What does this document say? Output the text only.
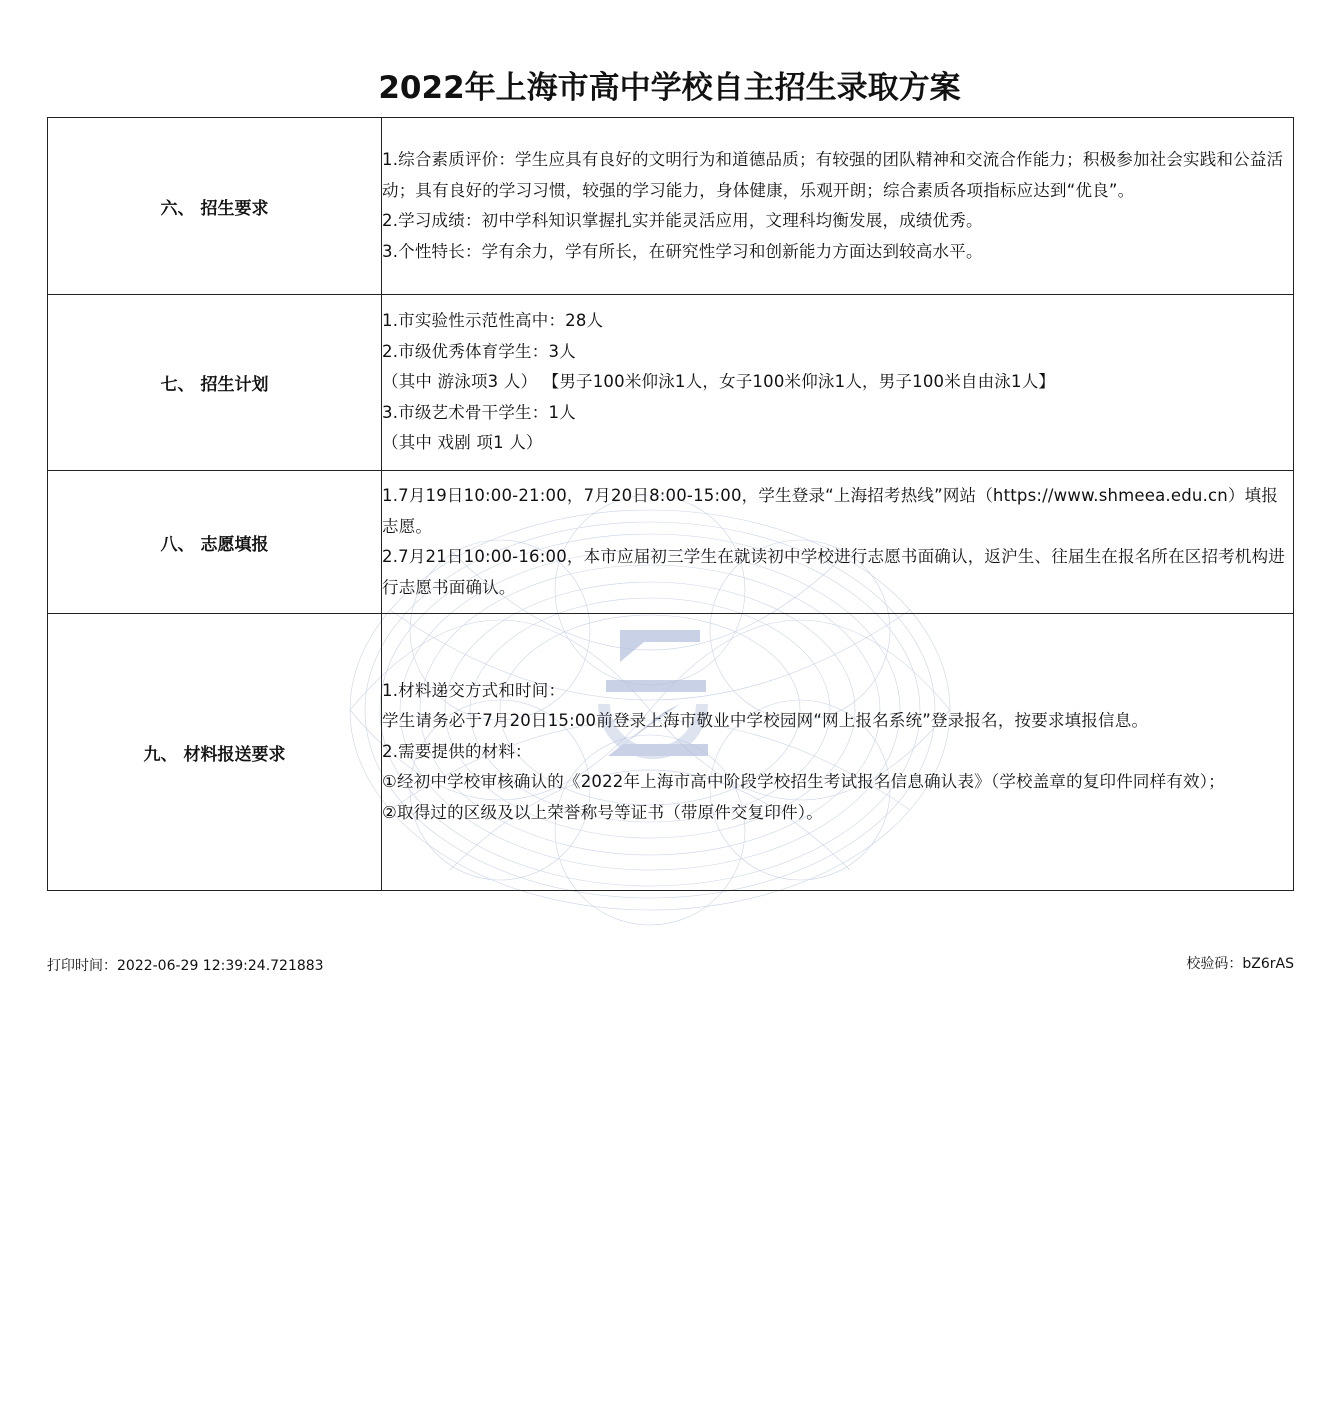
2022年上海市高中学校自主招生录取方案
六、 招生要求	1.综合素质评价：学生应具有良好的文明行为和道德品质；有较强的团队精神和交流合作能力；积极参加社会实践和公益活动；具有良好的学习习惯，较强的学习能力，身体健康，乐观开朗；综合素质各项指标应达到“优良”。

2.学习成绩：初中学科知识掌握扎实并能灵活应用，文理科均衡发展，成绩优秀。

3.个性特长：学有余力，学有所长，在研究性学习和创新能力方面达到较高水平。

七、 招生计划	1.市实验性示范性高中：28人

2.市级优秀体育学生：3人

（其中 游泳项3 人） 【男子100米仰泳1人，女子100米仰泳1人，男子100米自由泳1人】

3.市级艺术骨干学生：1人

（其中 戏剧 项1 人）

八、 志愿填报	1.7月19日10:00-21:00，7月20日8:00-15:00，学生登录“上海招考热线”网站（https://www.shmeea.edu.cn）填报志愿。

2.7月21日10:00-16:00，本市应届初三学生在就读初中学校进行志愿书面确认，返沪生、往届生在报名所在区招考机构进行志愿书面确认。

九、 材料报送要求	1.材料递交方式和时间：

学生请务必于7月20日15:00前登录上海市敬业中学校园网“网上报名系统”登录报名，按要求填报信息。

2.需要提供的材料：

①经初中学校审核确认的《2022年上海市高中阶段学校招生考试报名信息确认表》（学校盖章的复印件同样有效）；

②取得过的区级及以上荣誉称号等证书（带原件交复印件）。

打印时间：2022-06-29 12:39:24.721883	校验码：bZ6rAS
